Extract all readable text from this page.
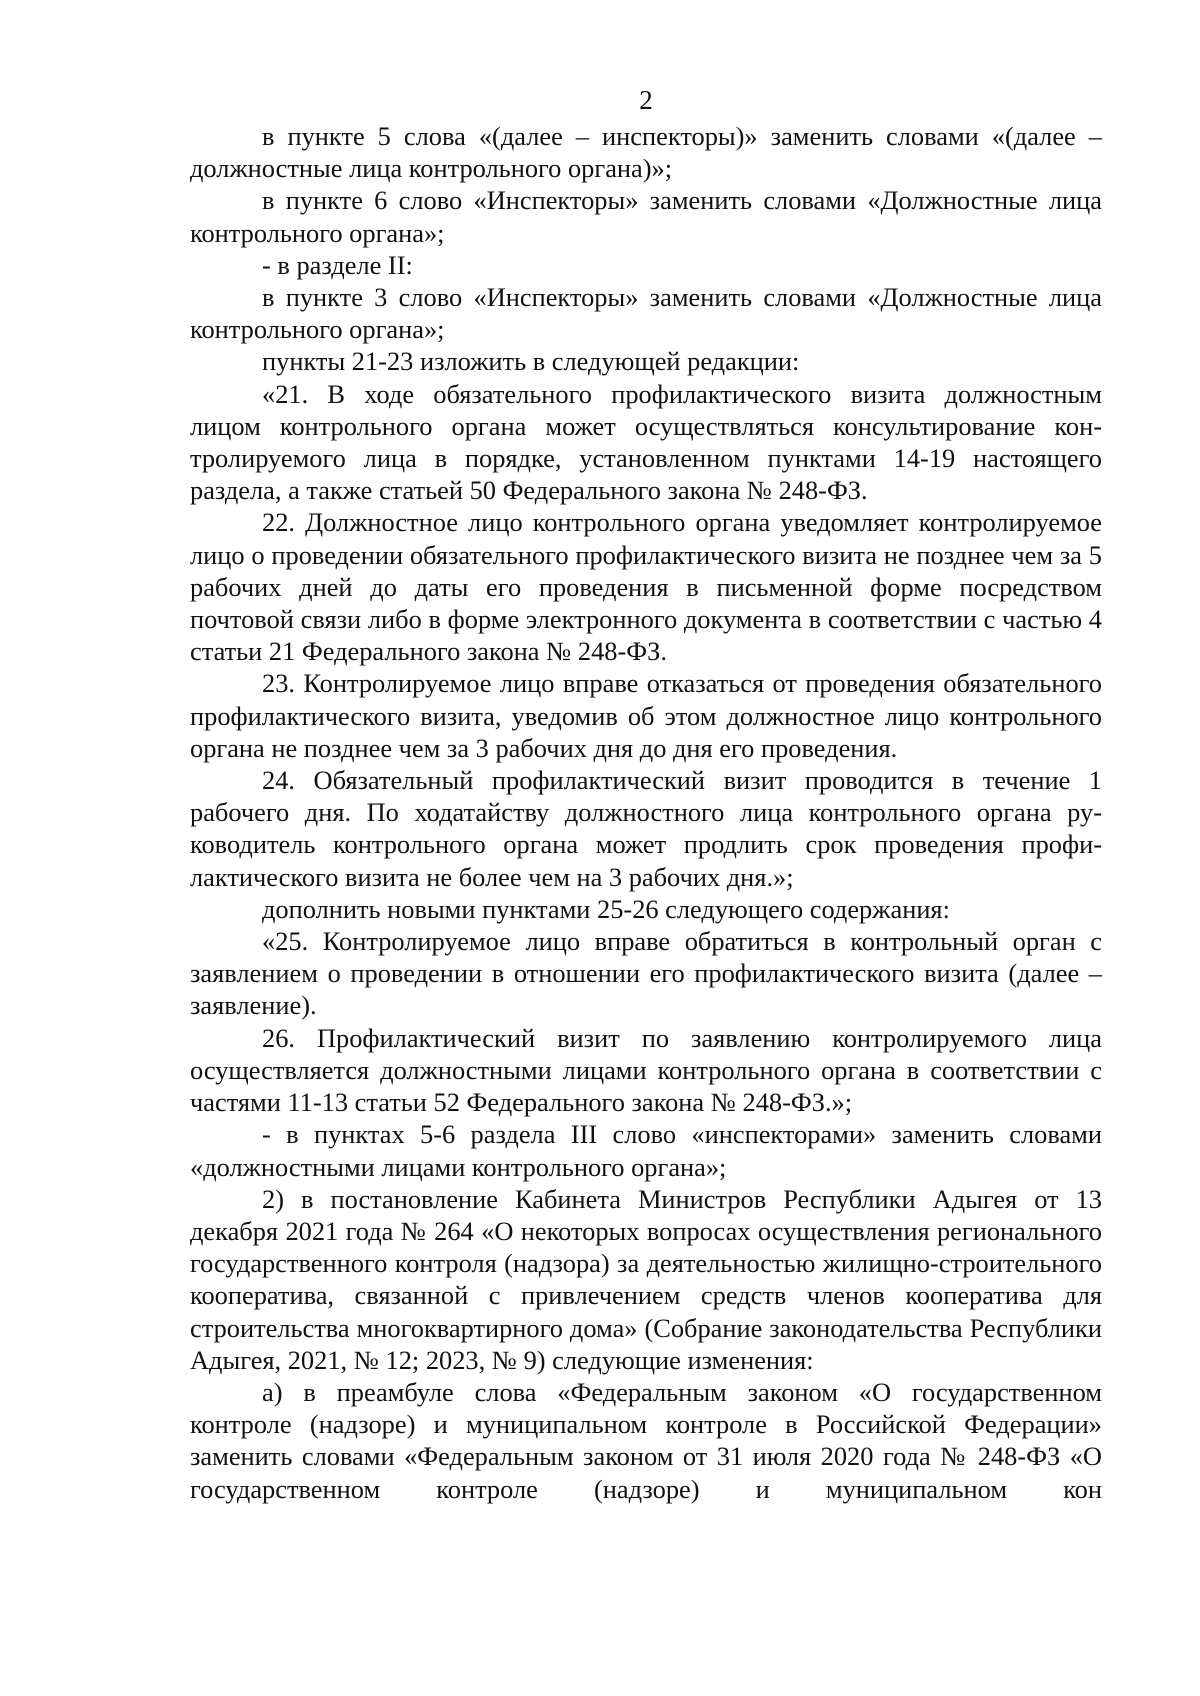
2

в пункте 5 слова «(далее – инспекторы)» заменить словами «(далее – должностные лица контрольного органа)»;

в пункте 6 слово «Инспекторы» заменить словами «Должностные лица контрольного органа»;

- в разделе II:

в пункте 3 слово «Инспекторы» заменить словами «Должностные лица контрольного органа»;

пункты 21-23 изложить в следующей редакции:

«21. В ходе обязательного профилактического визита должностным лицом контрольного органа может осуществляться консультирование контролируемого лица в порядке, установленном пунктами 14-19 настоящего раздела, а также статьей 50 Федерального закона № 248-ФЗ.

22. Должностное лицо контрольного органа уведомляет контролируемое лицо о проведении обязательного профилактического визита не позднее чем за 5 рабочих дней до даты его проведения в письменной форме посредством почтовой связи либо в форме электронного документа в соответствии с частью 4 статьи 21 Федерального закона № 248-ФЗ.

23. Контролируемое лицо вправе отказаться от проведения обязательного профилактического визита, уведомив об этом должностное лицо контрольного органа не позднее чем за 3 рабочих дня до дня его проведения.

24. Обязательный профилактический визит проводится в течение 1 рабочего дня. По ходатайству должностного лица контрольного органа руководитель контрольного органа может продлить срок проведения профилактического визита не более чем на 3 рабочих дня.»;

дополнить новыми пунктами 25-26 следующего содержания:

«25. Контролируемое лицо вправе обратиться в контрольный орган с заявлением о проведении в отношении его профилактического визита (далее – заявление).

26. Профилактический визит по заявлению контролируемого лица осуществляется должностными лицами контрольного органа в соответствии с частями 11-13 статьи 52 Федерального закона № 248-ФЗ.»;

- в пунктах 5-6 раздела III слово «инспекторами» заменить словами «должностными лицами контрольного органа»;

2) в постановление Кабинета Министров Республики Адыгея от 13 декабря 2021 года № 264 «О некоторых вопросах осуществления регионального государственного контроля (надзора) за деятельностью жилищно-строительного кооператива, связанной с привлечением средств членов кооператива для строительства многоквартирного дома» (Собрание законодательства Республики Адыгея, 2021, № 12; 2023, № 9) следующие изменения:

а) в преамбуле слова «Федеральным законом «О государственном контроле (надзоре) и муниципальном контроле в Российской Федерации» заменить словами «Федеральным законом от 31 июля 2020 года № 248-ФЗ «О государственном контроле (надзоре) и муниципальном кон
